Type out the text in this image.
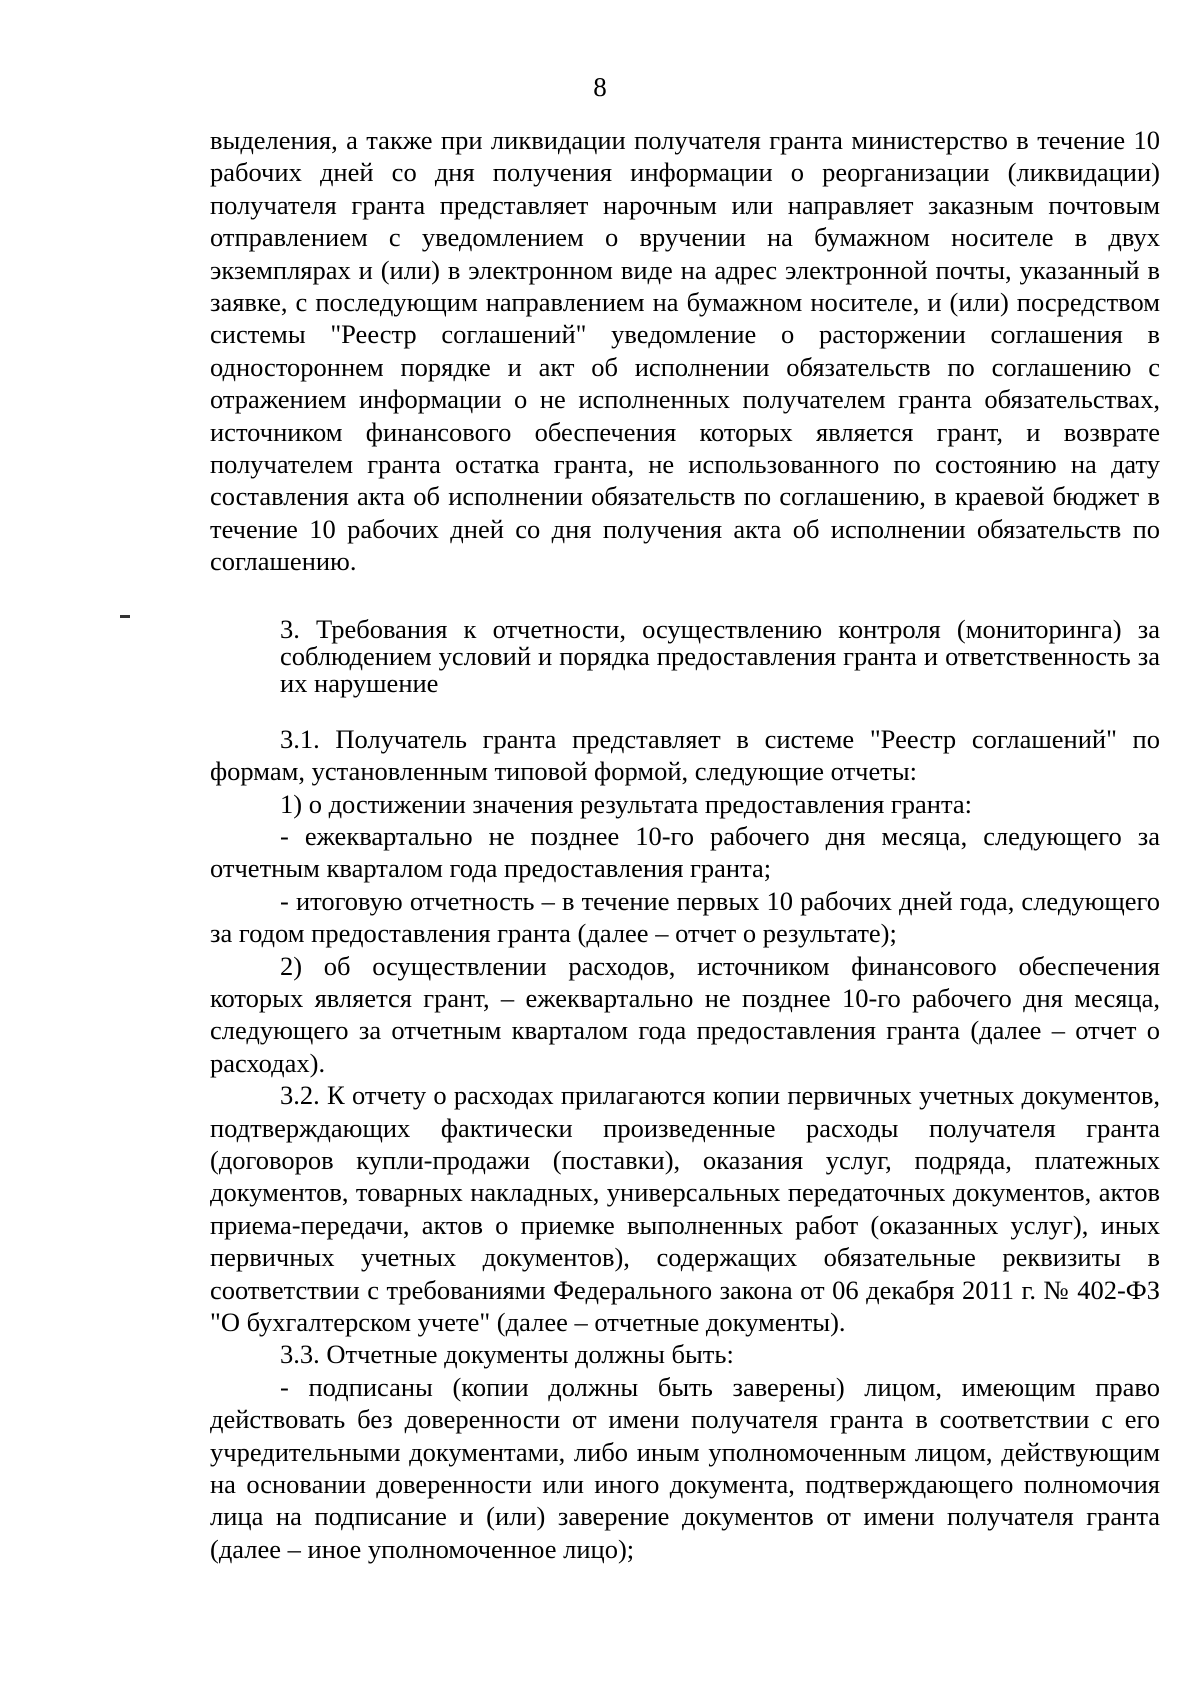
8

выделения, а также при ликвидации получателя гранта министерство в течение 10 рабочих дней со дня получения информации о реорганизации (ликвидации) получателя гранта представляет нарочным или направляет заказным почтовым отправлением с уведомлением о вручении на бумажном носителе в двух экземплярах и (или) в электронном виде на адрес электронной почты, указанный в заявке, с последующим направлением на бумажном носителе, и (или) посредством системы "Реестр соглашений" уведомление о расторжении соглашения в одностороннем порядке и акт об исполнении обязательств по соглашению с отражением информации о не исполненных получателем гранта обязательствах, источником финансового обеспечения которых является грант, и возврате получателем гранта остатка гранта, не использованного по состоянию на дату составления акта об исполнении обязательств по соглашению, в краевой бюджет в течение 10 рабочих дней со дня получения акта об исполнении обязательств по соглашению.

3. Требования к отчетности, осуществлению контроля (мониторинга) за соблюдением условий и порядка предоставления гранта и ответственность за их нарушение

3.1. Получатель гранта представляет в системе "Реестр соглашений" по формам, установленным типовой формой, следующие отчеты:

1) о достижении значения результата предоставления гранта:

- ежеквартально не позднее 10-го рабочего дня месяца, следующего за отчетным кварталом года предоставления гранта;

- итоговую отчетность – в течение первых 10 рабочих дней года, следующего за годом предоставления гранта (далее – отчет о результате);

2) об осуществлении расходов, источником финансового обеспечения которых является грант, – ежеквартально не позднее 10-го рабочего дня месяца, следующего за отчетным кварталом года предоставления гранта (далее – отчет о расходах).

3.2. К отчету о расходах прилагаются копии первичных учетных документов, подтверждающих фактически произведенные расходы получателя гранта (договоров купли-продажи (поставки), оказания услуг, подряда, платежных документов, товарных накладных, универсальных передаточных документов, актов приема-передачи, актов о приемке выполненных работ (оказанных услуг), иных первичных учетных документов), содержащих обязательные реквизиты в соответствии с требованиями Федерального закона от 06 декабря 2011 г. № 402-ФЗ "О бухгалтерском учете" (далее – отчетные документы).

3.3. Отчетные документы должны быть:

- подписаны (копии должны быть заверены) лицом, имеющим право действовать без доверенности от имени получателя гранта в соответствии с его учредительными документами, либо иным уполномоченным лицом, действующим на основании доверенности или иного документа, подтверждающего полномочия лица на подписание и (или) заверение документов от имени получателя гранта (далее – иное уполномоченное лицо);
